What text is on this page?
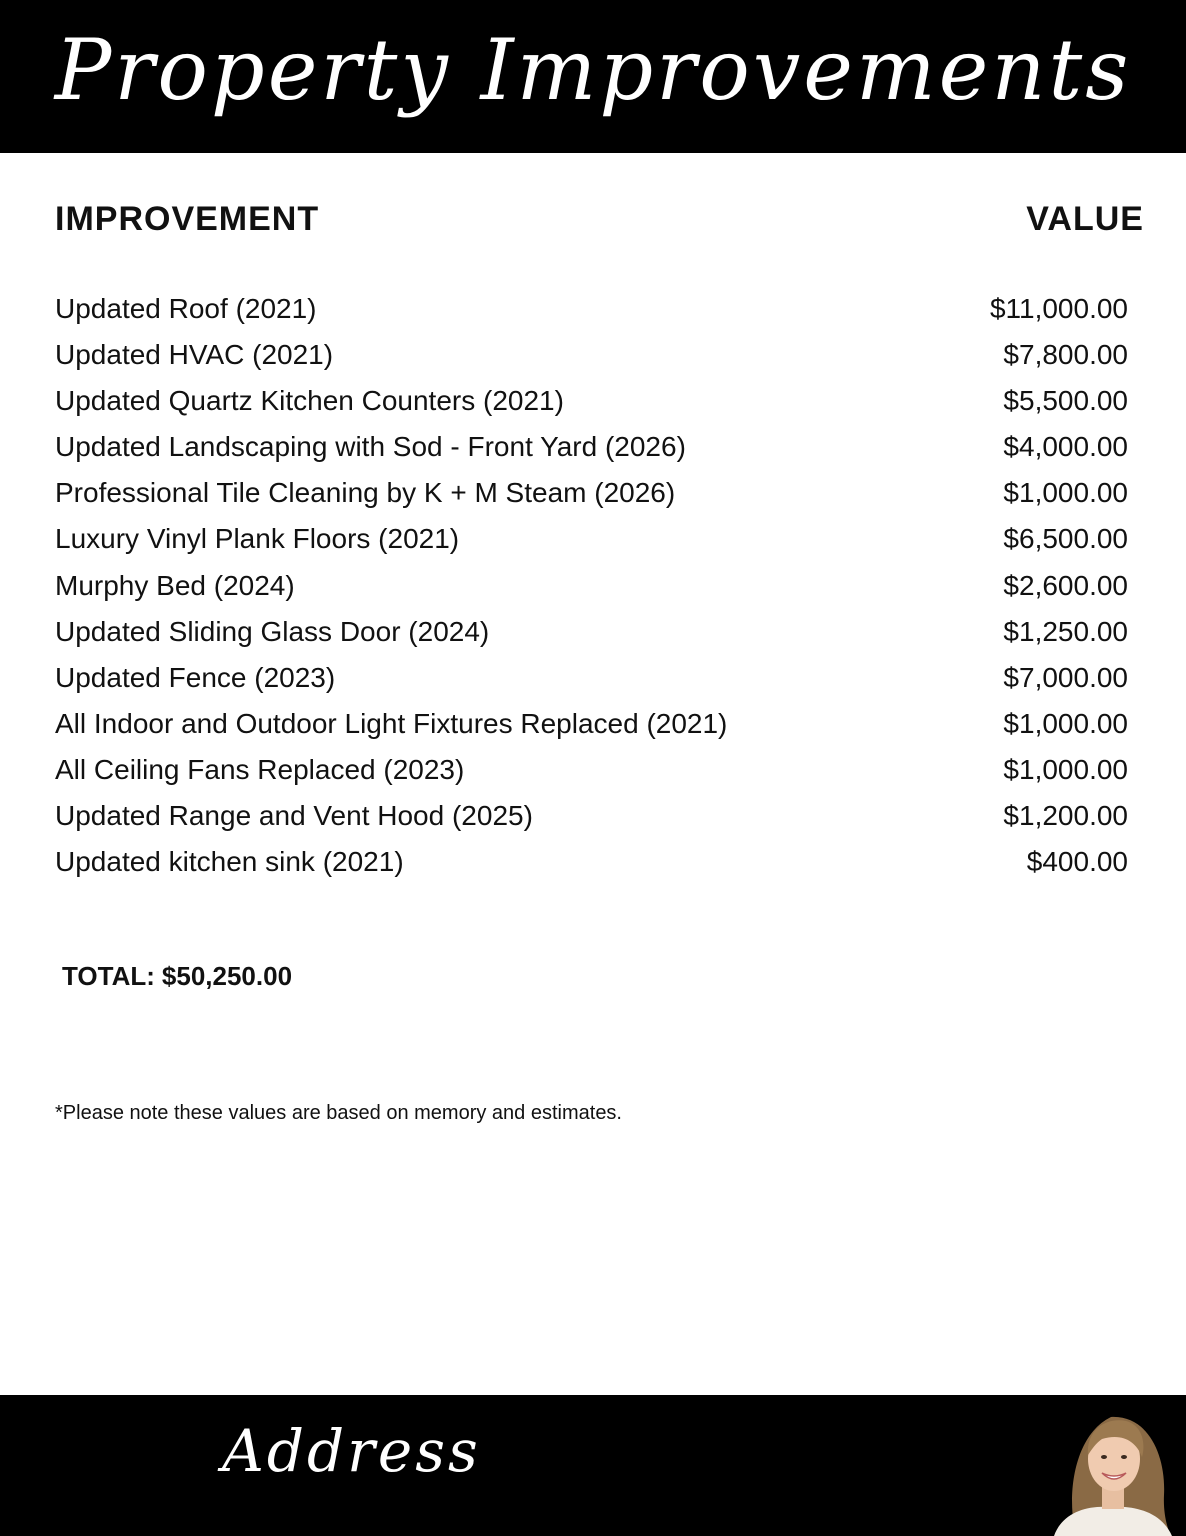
Property Improvements
IMPROVEMENT	VALUE
Updated Roof (2021)	$11,000.00
Updated HVAC (2021)	$7,800.00
Updated Quartz Kitchen Counters (2021)	$5,500.00
Updated Landscaping with Sod - Front Yard (2026)	$4,000.00
Professional Tile Cleaning by K + M Steam (2026)	$1,000.00
Luxury Vinyl Plank Floors (2021)	$6,500.00
Murphy Bed (2024)	$2,600.00
Updated Sliding Glass Door (2024)	$1,250.00
Updated Fence (2023)	$7,000.00
All Indoor and Outdoor Light Fixtures Replaced (2021)	$1,000.00
All Ceiling Fans Replaced (2023)	$1,000.00
Updated Range and Vent Hood (2025)	$1,200.00
Updated kitchen sink (2021)	$400.00
TOTAL: $50,250.00
*Please note these values are based on memory and estimates.
Address
